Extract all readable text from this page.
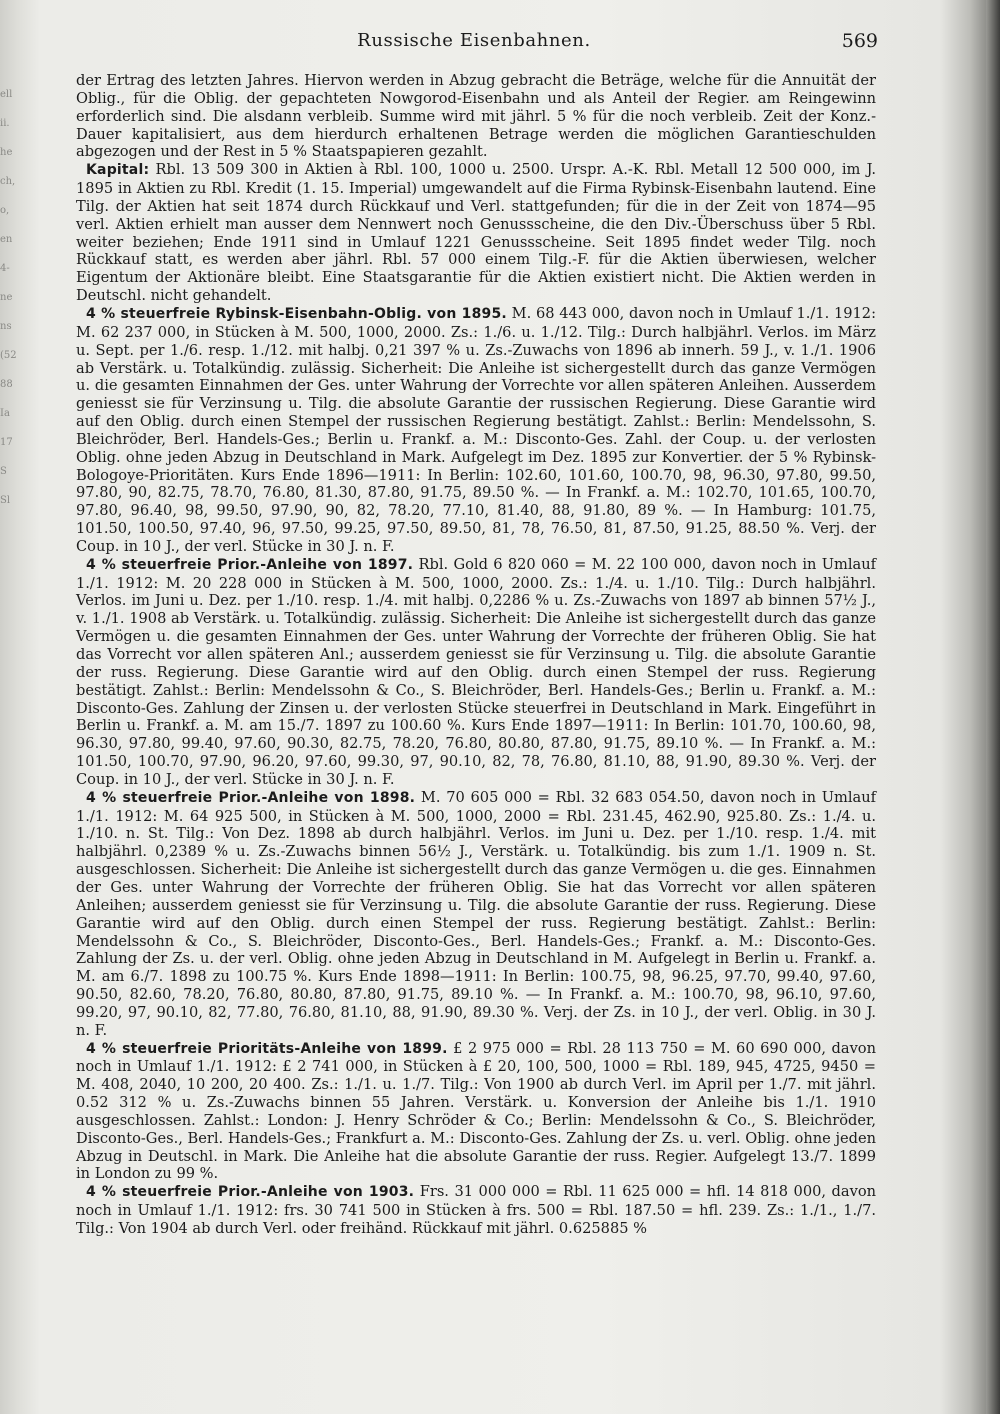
ell
ii.
he
ch,
o,
en
4-
ne
ns
(52
88
Ia
17
S
Sl
Russische Eisenbahnen.	569

der Ertrag des letzten Jahres. Hiervon werden in Abzug gebracht die Beträge, welche für die Annuität der Oblig., für die Oblig. der gepachteten Nowgorod-Eisenbahn und als Anteil der Regier. am Reingewinn erforderlich sind. Die alsdann verbleib. Summe wird mit jährl. 5 % für die noch verbleib. Zeit der Konz.-Dauer kapitalisiert, aus dem hierdurch erhaltenen Betrage werden die möglichen Garantieschulden abgezogen und der Rest in 5 % Staatspapieren gezahlt.

Kapital: Rbl. 13 509 300 in Aktien à Rbl. 100, 1000 u. 2500. Urspr. A.-K. Rbl. Metall 12 500 000, im J. 1895 in Aktien zu Rbl. Kredit (1. 15. Imperial) umgewandelt auf die Firma Rybinsk-Eisenbahn lautend. Eine Tilg. der Aktien hat seit 1874 durch Rückkauf und Verl. stattgefunden; für die in der Zeit von 1874—95 verl. Aktien erhielt man ausser dem Nennwert noch Genussscheine, die den Div.-Überschuss über 5 Rbl. weiter beziehen; Ende 1911 sind in Umlauf 1221 Genussscheine. Seit 1895 findet weder Tilg. noch Rückkauf statt, es werden aber jährl. Rbl. 57 000 einem Tilg.-F. für die Aktien überwiesen, welcher Eigentum der Aktionäre bleibt. Eine Staatsgarantie für die Aktien existiert nicht. Die Aktien werden in Deutschl. nicht gehandelt.

4 % steuerfreie Rybinsk-Eisenbahn-Oblig. von 1895. M. 68 443 000, davon noch in Umlauf 1./1. 1912: M. 62 237 000, in Stücken à M. 500, 1000, 2000. Zs.: 1./6. u. 1./12. Tilg.: Durch halbjährl. Verlos. im März u. Sept. per 1./6. resp. 1./12. mit halbj. 0,21 397 % u. Zs.-Zuwachs von 1896 ab innerh. 59 J., v. 1./1. 1906 ab Verstärk. u. Totalkündig. zulässig. Sicherheit: Die Anleihe ist sichergestellt durch das ganze Vermögen u. die gesamten Einnahmen der Ges. unter Wahrung der Vorrechte vor allen späteren Anleihen. Ausserdem geniesst sie für Verzinsung u. Tilg. die absolute Garantie der russischen Regierung. Diese Garantie wird auf den Oblig. durch einen Stempel der russischen Regierung bestätigt. Zahlst.: Berlin: Mendelssohn, S. Bleichröder, Berl. Handels-Ges.; Berlin u. Frankf. a. M.: Disconto-Ges. Zahl. der Coup. u. der verlosten Oblig. ohne jeden Abzug in Deutschland in Mark. Aufgelegt im Dez. 1895 zur Konvertier. der 5 % Rybinsk-Bologoye-Prioritäten. Kurs Ende 1896—1911: In Berlin: 102.60, 101.60, 100.70, 98, 96.30, 97.80, 99.50, 97.80, 90, 82.75, 78.70, 76.80, 81.30, 87.80, 91.75, 89.50 %. — In Frankf. a. M.: 102.70, 101.65, 100.70, 97.80, 96.40, 98, 99.50, 97.90, 90, 82, 78.20, 77.10, 81.40, 88, 91.80, 89 %. — In Hamburg: 101.75, 101.50, 100.50, 97.40, 96, 97.50, 99.25, 97.50, 89.50, 81, 78, 76.50, 81, 87.50, 91.25, 88.50 %. Verj. der Coup. in 10 J., der verl. Stücke in 30 J. n. F.

4 % steuerfreie Prior.-Anleihe von 1897. Rbl. Gold 6 820 060 = M. 22 100 000, davon noch in Umlauf 1./1. 1912: M. 20 228 000 in Stücken à M. 500, 1000, 2000. Zs.: 1./4. u. 1./10. Tilg.: Durch halbjährl. Verlos. im Juni u. Dez. per 1./10. resp. 1./4. mit halbj. 0,2286 % u. Zs.-Zuwachs von 1897 ab binnen 57½ J., v. 1./1. 1908 ab Verstärk. u. Totalkündig. zulässig. Sicherheit: Die Anleihe ist sichergestellt durch das ganze Vermögen u. die gesamten Einnahmen der Ges. unter Wahrung der Vorrechte der früheren Oblig. Sie hat das Vorrecht vor allen späteren Anl.; ausserdem geniesst sie für Verzinsung u. Tilg. die absolute Garantie der russ. Regierung. Diese Garantie wird auf den Oblig. durch einen Stempel der russ. Regierung bestätigt. Zahlst.: Berlin: Mendelssohn & Co., S. Bleichröder, Berl. Handels-Ges.; Berlin u. Frankf. a. M.: Disconto-Ges. Zahlung der Zinsen u. der verlosten Stücke steuerfrei in Deutschland in Mark. Eingeführt in Berlin u. Frankf. a. M. am 15./7. 1897 zu 100.60 %. Kurs Ende 1897—1911: In Berlin: 101.70, 100.60, 98, 96.30, 97.80, 99.40, 97.60, 90.30, 82.75, 78.20, 76.80, 80.80, 87.80, 91.75, 89.10 %. — In Frankf. a. M.: 101.50, 100.70, 97.90, 96.20, 97.60, 99.30, 97, 90.10, 82, 78, 76.80, 81.10, 88, 91.90, 89.30 %. Verj. der Coup. in 10 J., der verl. Stücke in 30 J. n. F.

4 % steuerfreie Prior.-Anleihe von 1898. M. 70 605 000 = Rbl. 32 683 054.50, davon noch in Umlauf 1./1. 1912: M. 64 925 500, in Stücken à M. 500, 1000, 2000 = Rbl. 231.45, 462.90, 925.80. Zs.: 1./4. u. 1./10. n. St. Tilg.: Von Dez. 1898 ab durch halbjährl. Verlos. im Juni u. Dez. per 1./10. resp. 1./4. mit halbjährl. 0,2389 % u. Zs.-Zuwachs binnen 56½ J., Verstärk. u. Totalkündig. bis zum 1./1. 1909 n. St. ausgeschlossen. Sicherheit: Die Anleihe ist sichergestellt durch das ganze Vermögen u. die ges. Einnahmen der Ges. unter Wahrung der Vorrechte der früheren Oblig. Sie hat das Vorrecht vor allen späteren Anleihen; ausserdem geniesst sie für Verzinsung u. Tilg. die absolute Garantie der russ. Regierung. Diese Garantie wird auf den Oblig. durch einen Stempel der russ. Regierung bestätigt. Zahlst.: Berlin: Mendelssohn & Co., S. Bleichröder, Disconto-Ges., Berl. Handels-Ges.; Frankf. a. M.: Disconto-Ges. Zahlung der Zs. u. der verl. Oblig. ohne jeden Abzug in Deutschland in M. Aufgelegt in Berlin u. Frankf. a. M. am 6./7. 1898 zu 100.75 %. Kurs Ende 1898—1911: In Berlin: 100.75, 98, 96.25, 97.70, 99.40, 97.60, 90.50, 82.60, 78.20, 76.80, 80.80, 87.80, 91.75, 89.10 %. — In Frankf. a. M.: 100.70, 98, 96.10, 97.60, 99.20, 97, 90.10, 82, 77.80, 76.80, 81.10, 88, 91.90, 89.30 %. Verj. der Zs. in 10 J., der verl. Oblig. in 30 J. n. F.

4 % steuerfreie Prioritäts-Anleihe von 1899. £ 2 975 000 = Rbl. 28 113 750 = M. 60 690 000, davon noch in Umlauf 1./1. 1912: £ 2 741 000, in Stücken à £ 20, 100, 500, 1000 = Rbl. 189, 945, 4725, 9450 = M. 408, 2040, 10 200, 20 400. Zs.: 1./1. u. 1./7. Tilg.: Von 1900 ab durch Verl. im April per 1./7. mit jährl. 0.52 312 % u. Zs.-Zuwachs binnen 55 Jahren. Verstärk. u. Konversion der Anleihe bis 1./1. 1910 ausgeschlossen. Zahlst.: London: J. Henry Schröder & Co.; Berlin: Mendelssohn & Co., S. Bleichröder, Disconto-Ges., Berl. Handels-Ges.; Frankfurt a. M.: Disconto-Ges. Zahlung der Zs. u. verl. Oblig. ohne jeden Abzug in Deutschl. in Mark. Die Anleihe hat die absolute Garantie der russ. Regier. Aufgelegt 13./7. 1899 in London zu 99 %.

4 % steuerfreie Prior.-Anleihe von 1903. Frs. 31 000 000 = Rbl. 11 625 000 = hfl. 14 818 000, davon noch in Umlauf 1./1. 1912: frs. 30 741 500 in Stücken à frs. 500 = Rbl. 187.50 = hfl. 239. Zs.: 1./1., 1./7. Tilg.: Von 1904 ab durch Verl. oder freihänd. Rückkauf mit jährl. 0.625885 %
